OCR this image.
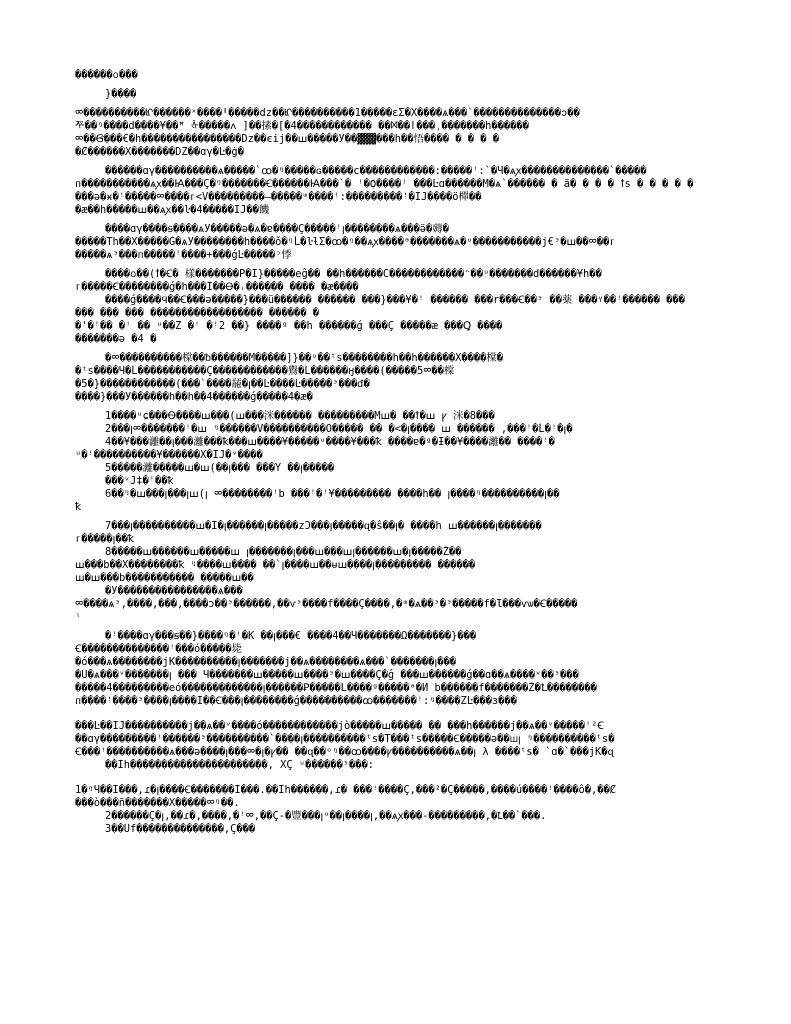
������ᩅ���
}����
ᢁ����������ᡌ������ˣ����Ꞌ�����dz��ᡌ����������1�����ɛΣ�Χ����ѧ���`��������������ↄ��
ᢝ��ᵑ����d����¥��ꟸ ᢤ�����ᴧ ]��㨞�[�4������������ ��ᢂ��ӏ���ˌ�������h������
ᢁ��Ꞡ���€�h����������������Dz��єij��ꟺ�����Ў��▓▓▓���h��悟���� � � � �
�Ȼ������Χ�������DZ��ɑγ�Ŀ�ġ�
������ɑγ����������ѧ�����`ꝏ�ᵑ�����ԍ�����c������������:�����ꜝ:`�Ч�ѧꭗ��������������`�����
ᴨ�����������ѧꭗ��Ꙗ���Ç�ᵑ�������Ꞓ������Ꙗ���`� ꜝ�Ѻ����ꜝ ���Ŀɑ������M�ѧ`������ � ã� � � � ꝉѕ � � � � �
���ǝ�ӿ�ꜝ�����ᢁ����ᴦ<V���������–�����ᵚ����ꜝ:���������ꜝ�IJ����ӧ樿��
�æ��h�����ꟺ��ѧꭗ��ŀ�4�����IJ��饑
����ɑγ����ꞩ����ѧУ�����ǝ�ѧ�ɐ����Ç�����ꜝꞁ��������ѧ���ӛ�薅�
�����Th��Χ�����Ġ�ѧУ��������h����ǒ�ᵑĹ�ŀƚΣ�ꝏ�ᵑ��ѧꭗ����ᵊ�������ѧ�ᵘ�����������j€ᵌ�ꟺ��ᢁ��ᴦ
�����ѧᵌ���ᴨ�����ꜝ����+���ǵĿ�����ᵓ悸
����ᩅ��(ꝉ�Ꞓ� 樣�������P�Ĩ}�����eĝ�� ��h������C������������ᵔ��ᵘ�������d������¥h��
ᴦ�����Ꞓ��������ǵ�h���Ĩ��Ꝋ�ꜟ������ ���� �ӕ����
����ǵ����Ϥ��Ꞓ���ǝ�����}���ü������ ������ ���}���¥�ꜝ ������ ���r���Ꞓ��ᵌ ��薬 ���ᵞ��ꜝ������ ���
��� ��� ��� ������������������ ������ �
�'�ꜝ�� �ꜝ �� ᵘ��Ζ �ꜝ �ꜝ2 ��} ����ᵍ ��h ������ǵ ���Ç �����æ ���Ꝗ ����
�������ǝ �4 �
�ᢁ����������橖��ᵬ������M�����]}��ᵘ��ᵗѕ��������h��h������Χ����橖�
�ᵗѕ����Ч�Ĺ�����������Ç������������鸒�Ĺ������ӈ����(�����5ᢁ��橖
�5�}������������(���`����䶬�ꞁ��Ŀ����Ŀ�����ᵌ���ᵭ�
����}���У������h��h��4������ǵ�����4�æ�
1����ᵘɕ���Ꝋ����ꟺ���(ꟺ���洣������ ���������Mꟺ� ��ꝉ�ꟺ ꝩ 洣�8���
2���ꞁᢁ�������ꜝ�ꟺ ᵑ������V����������Ô����� �� �<�ꞁ���� ꟺ ������ ,���ꜝ�Ĺ�ꜝ�ꞁ�
4��¥���灕��ꞁ���灕���ꝁ���ꟺ����¥�����ᵘ����¥���ꝁ ����ɐ�ᵍ�Ɨ��¥����灕�� ����ꜝ�
ᵘ�ꜝ����������¥������Χ�IJ�ᵛ����
5�����灕�����ꟺ�ꟺ(��ꞁ��� ���Ÿ ��ꞁ�����
���ᵛJ‡�ꜝ��ꝁ
6��ᵑ�ꟺ���ꞁ���ꞁꟺ(ꞁ ᢁ��������ꜝb ���ꜝ�ꜝ¥��������� ����h�� ꞁ����ᵑ����������ꞁ��
ꝁ
7���ꞁ����������ꟺ�Ĩ�ꞁ������ꞁ�����zϽ���ꞁ�����ɋ�ŝ��ꞁ� ����h ꟺ������ꞁ�������
ᴦ�����ꞁ��ꝁ
8�����ꟺ������ꟺ�����ꟺ ꞁ�������ꞁ���ꟺ���ꟺꞁ������ꟺ�ꞁ�����Ž��
ꟺ���b��Χ��������ꝁ ᵑ����ꟺ���� ��`ꞁ����ꟺ��ᵾꟺ����ꞁ��������� ������
ꟺ�ꟺ���b����������� �����ꟺ��
�У����������������ѧ���
ᢁ����ѧᵌ,����,���,����ɔ��ᵌ������,��ѵᵌ����f����Ç����,�ᵚ�ѧ��ᵌ�ᵌ�����f�Ɩ���ѵѡ�Ꞓ�����
ᶥ
�ꜝ����ɑγ���ꞩ��}����ᵑ�ꜝ�K ��ꞁ���€ ����4��Ч�������Ω�������}���
Ꞓ��������������ꜝ���ó�����毙
�ó���ѧ��������jK����������ꞁ�������j��ѧ��������ѧ���`�������ꞁ���
�Ü�ѧ���ᵛ�������ꞁ ��� Ч�������ꟺ�����ꟺ����ᵌ�ꟺ����Ç�ǵ ���ꟺ������ǵ��ɑ��ѧ����ᵛ��ᵌ���
�����4���������еó�������������ꞁ������Ꝑ�����L����ᵍ�����ᵊ�И b������f�������Ž�Ꝉ��������
ᴨ����ꜝ����ᵌ����ꞁ����Ĩ��Ꞓ���ꞁ��������ǵ����������ꝏ�������ꜝ:ᵑ����ZĿ���ɜ���
���Ŀ��IJ����������j��ѧ��ᵛ����ó������������jò�����ꟺ����� �� ���h������j��ѧ��ᵛ�����ꜝ²Ꞓ
��ɑγ���������ꜝ������ᵌ����������`����ꞁ����������ᵗѕ�T���ᵗѕ�����Ꞓ�����ǝ��ꟺꞁ ᵑ����������ᵗѕ�
Ꞓ���ꜝ����������ѧ���ǝ����ꞁ���ᢁ�ꞁ�ꝩ�� ��ɋ��ᵒᵑ��ꝏ����ꝩ����������ѧ��ꞁ λ ����ᵗѕ� `ɑ�`���jK�ɋ
��Ĭh����������������������, ΧÇ ᵘ������ᵌ���:
1�ᵑЧ��Ĭ���,ɾ�ꞁ����Ꞓ�������Ĭ���.��Ĭh������,ɾ� ���ꜝ����Ç,���²�Ç�����,����ú����ꜝ����ô�,��Ȼ
���ò���ñ�������Χ�����ᢁᵑ��.
2������Ç�ꞁ,��ɾ�,����,�ꜝᢁ,��Ç-�豐���ꞁᵘ��ꞁ����ꞁ,��ѧꭗ���-���������,�Ꝉ��`���.
3��Üf��������������,Ç���
